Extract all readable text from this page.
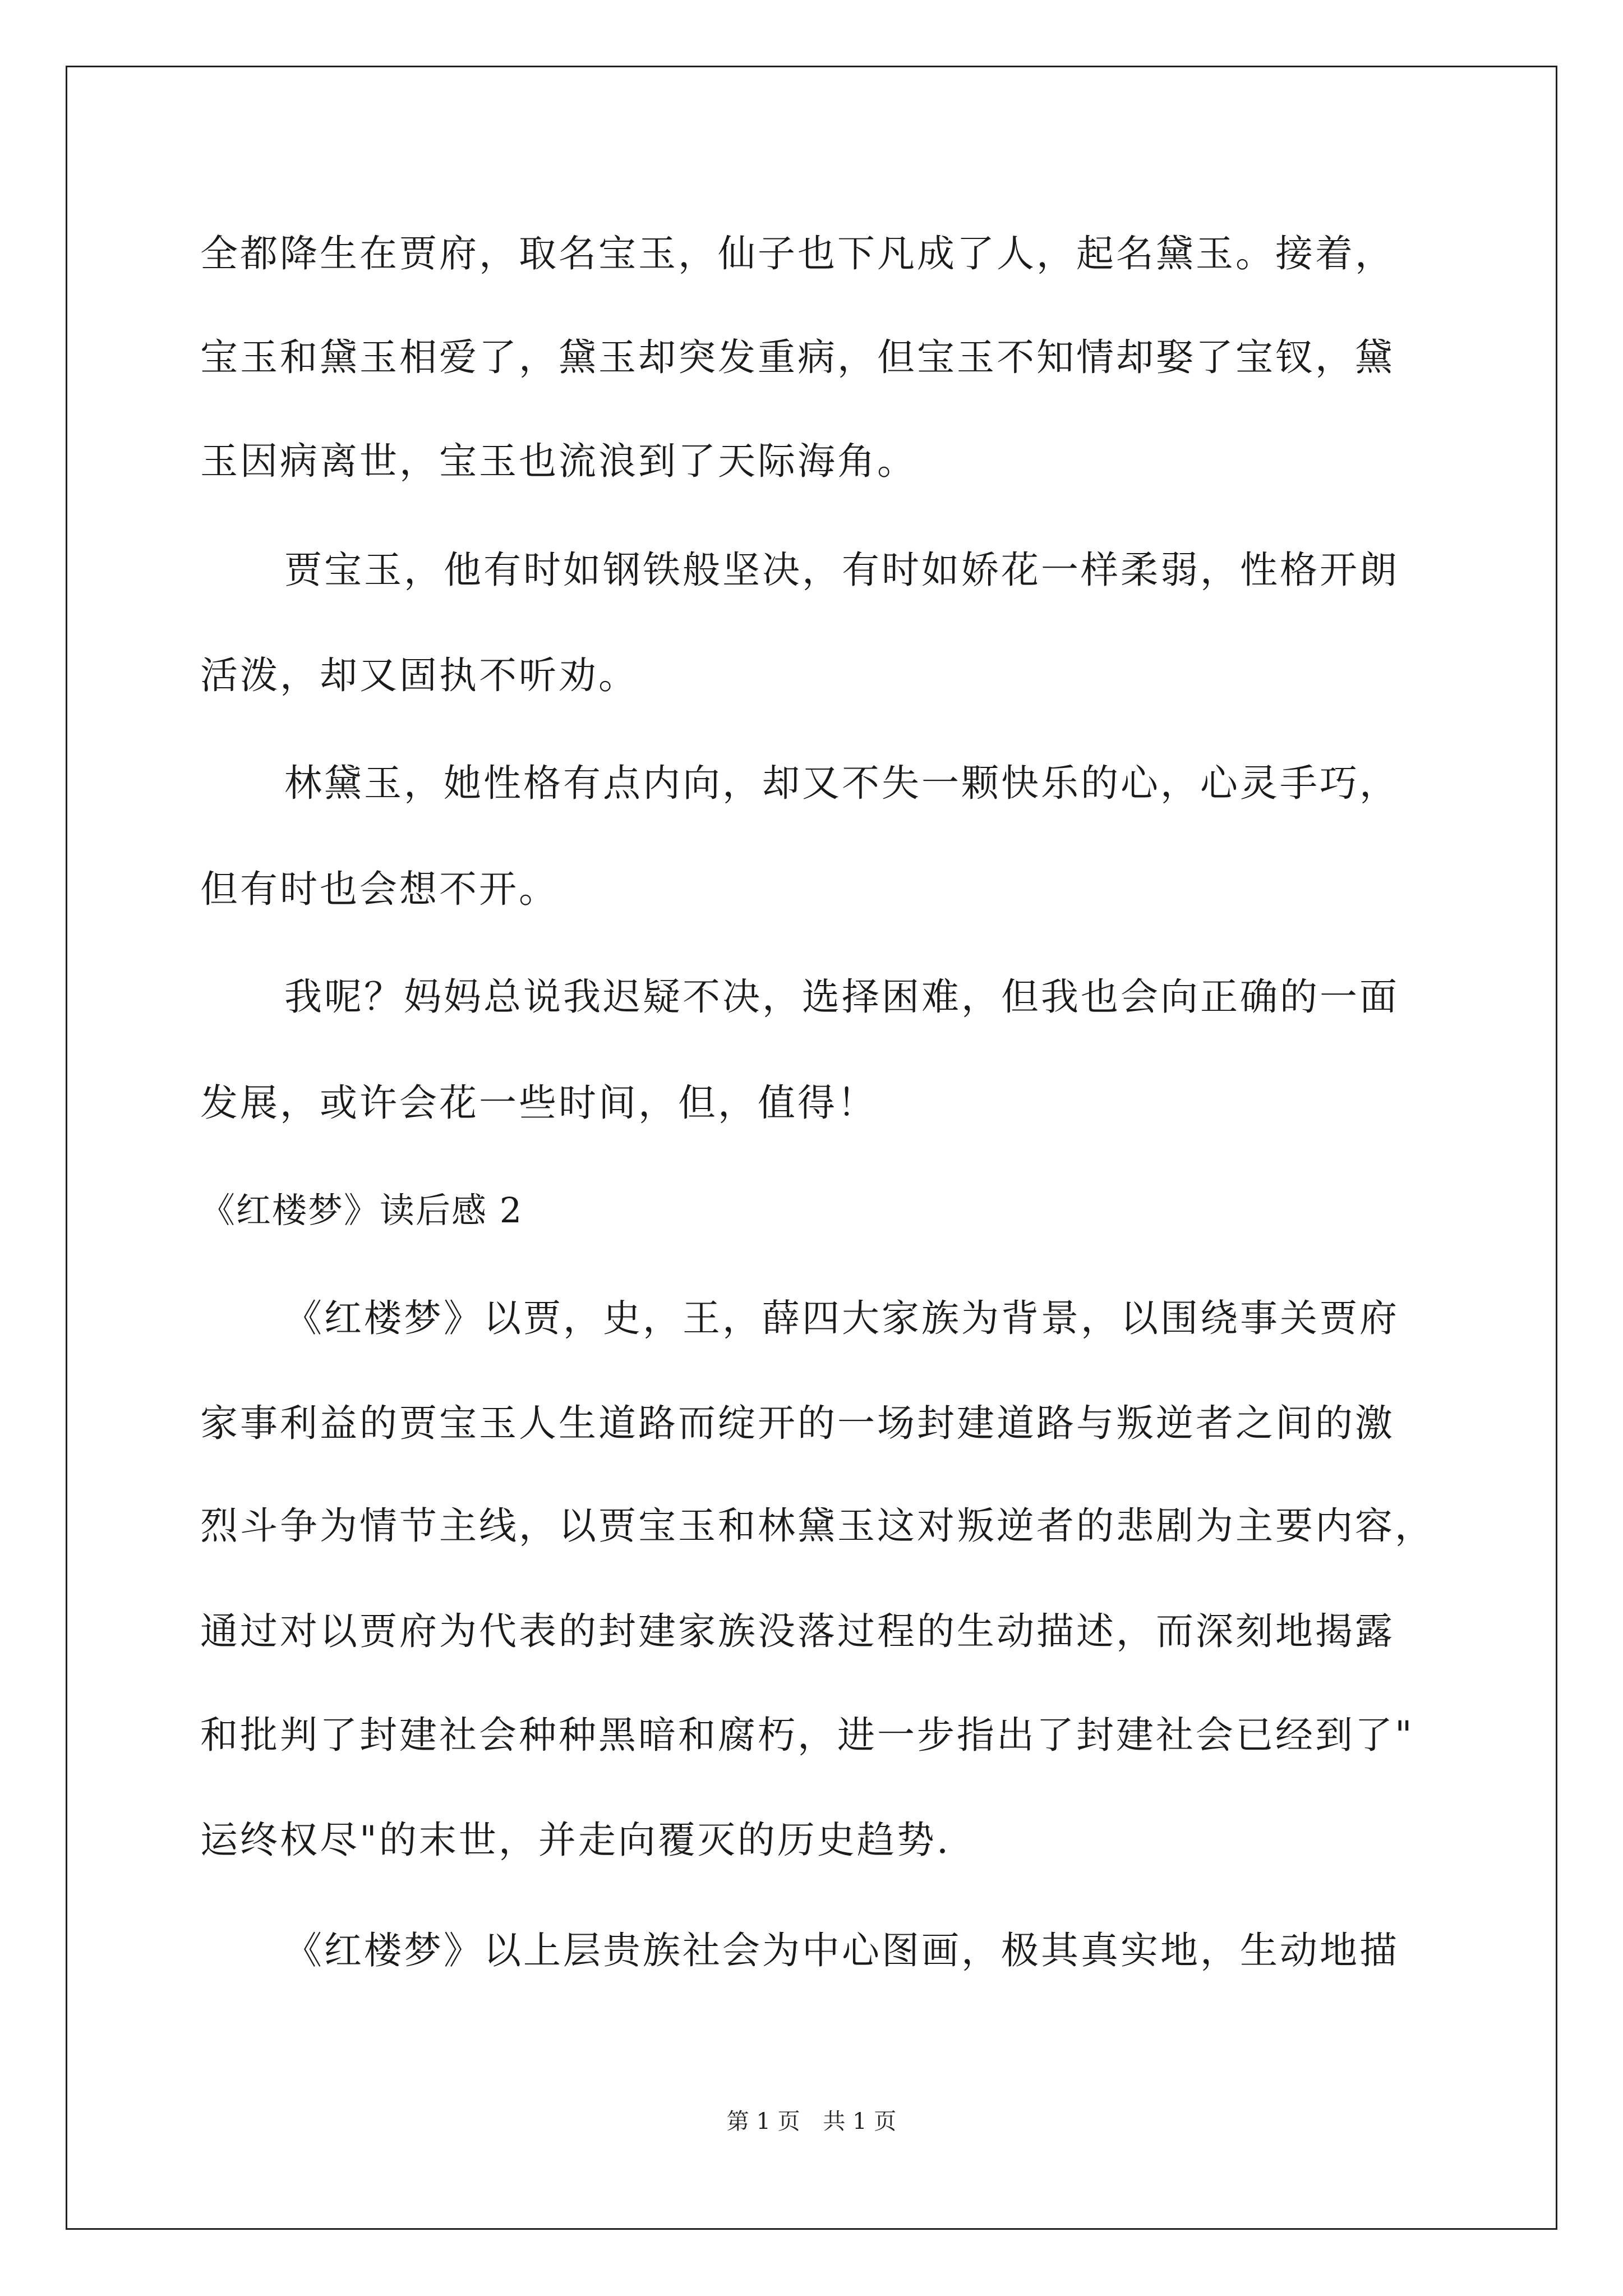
全都降生在贾府，取名宝玉，仙子也下凡成了人，起名黛玉。接着，
宝玉和黛玉相爱了，黛玉却突发重病，但宝玉不知情却娶了宝钗，黛
玉因病离世，宝玉也流浪到了天际海角。
贾宝玉，他有时如钢铁般坚决，有时如娇花一样柔弱，性格开朗
活泼，却又固执不听劝。
林黛玉，她性格有点内向，却又不失一颗快乐的心，心灵手巧，
但有时也会想不开。
我呢？妈妈总说我迟疑不决，选择困难，但我也会向正确的一面
发展，或许会花一些时间，但，值得！
《红楼梦》读后感 2
《红楼梦》以贾，史，王，薛四大家族为背景，以围绕事关贾府
家事利益的贾宝玉人生道路而绽开的一场封建道路与叛逆者之间的激
烈斗争为情节主线，以贾宝玉和林黛玉这对叛逆者的悲剧为主要内容，
通过对以贾府为代表的封建家族没落过程的生动描述，而深刻地揭露
和批判了封建社会种种黑暗和腐朽，进一步指出了封建社会已经到了"
运终权尽"的末世，并走向覆灭的历史趋势.
《红楼梦》以上层贵族社会为中心图画，极其真实地，生动地描
第 1 页 共 1 页
